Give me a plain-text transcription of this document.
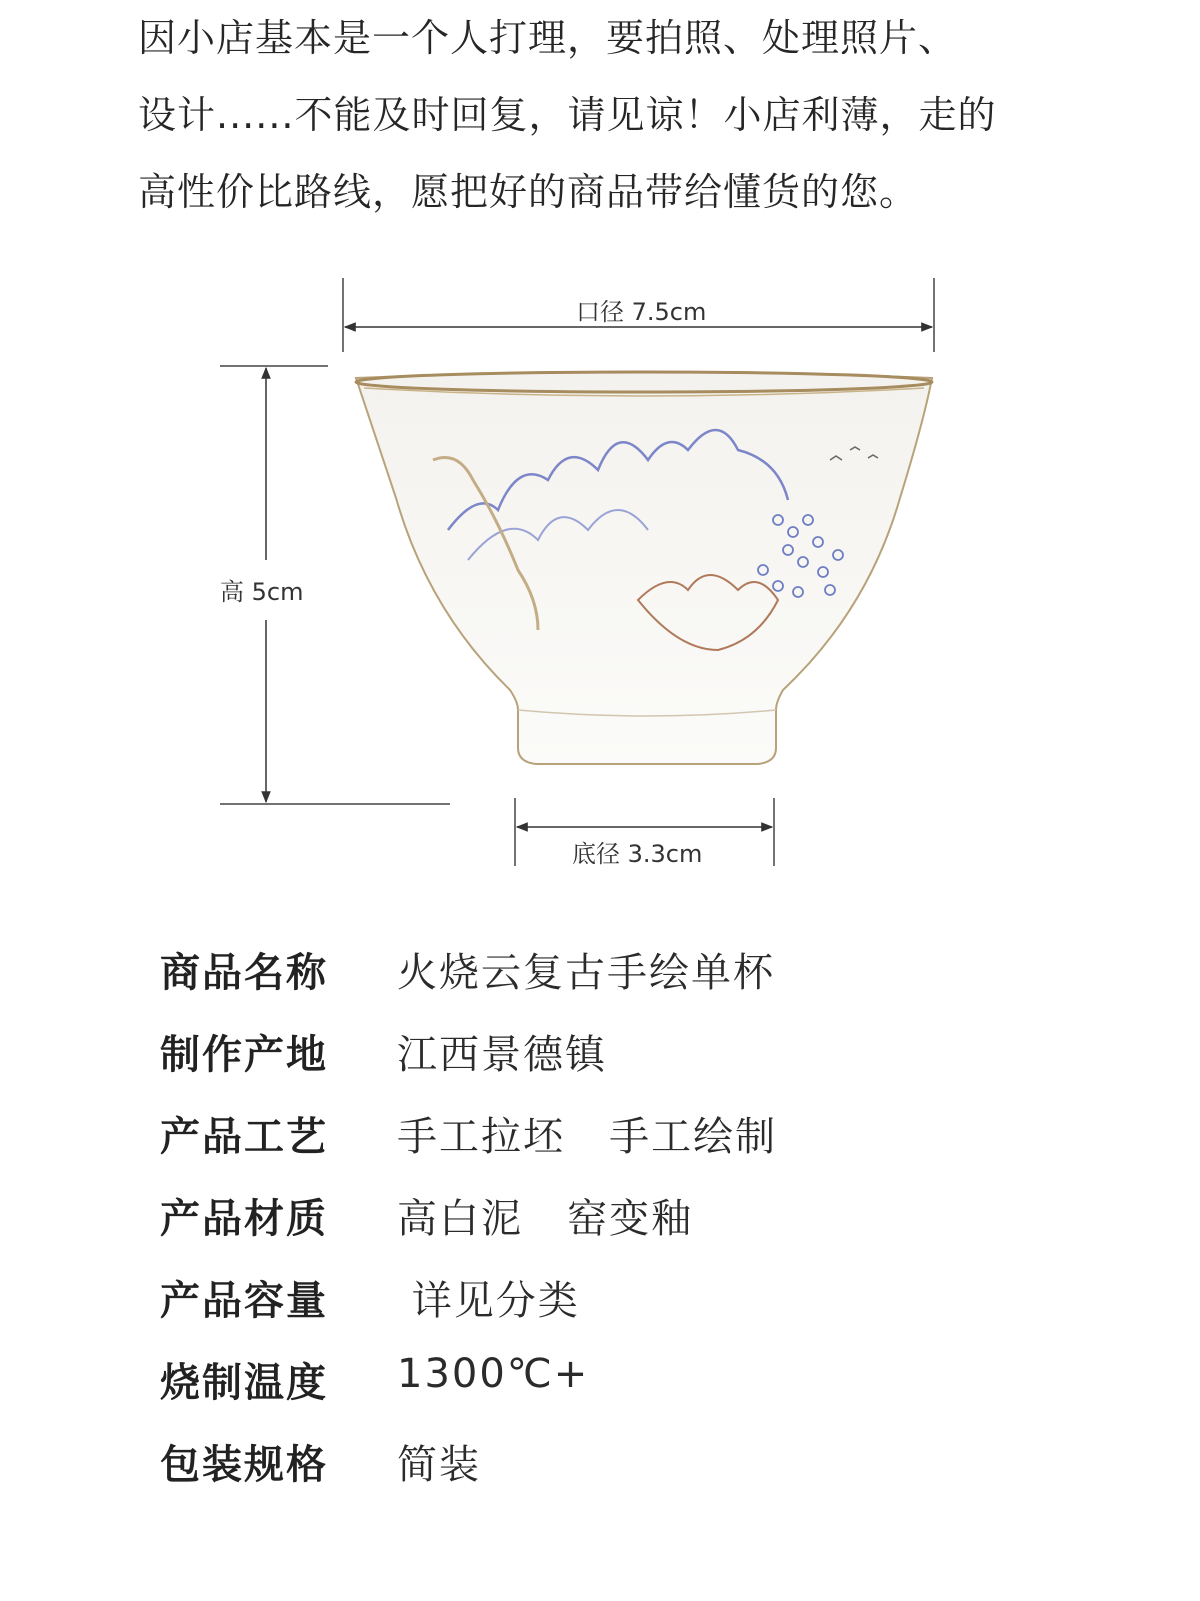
因小店基本是一个人打理，要拍照、处理照片、

设计......不能及时回复，请见谅！小店利薄，走的

高性价比路线，愿把好的商品带给懂货的您。

口径 7.5cm
高 5cm
底径 3.3cm
商品名称 火烧云复古手绘单杯
制作产地 江西景德镇
产品工艺 手工拉坯   手工绘制
产品材质 高白泥   窑变釉
产品容量 详见分类
烧制温度 1300℃+
包装规格 简装
